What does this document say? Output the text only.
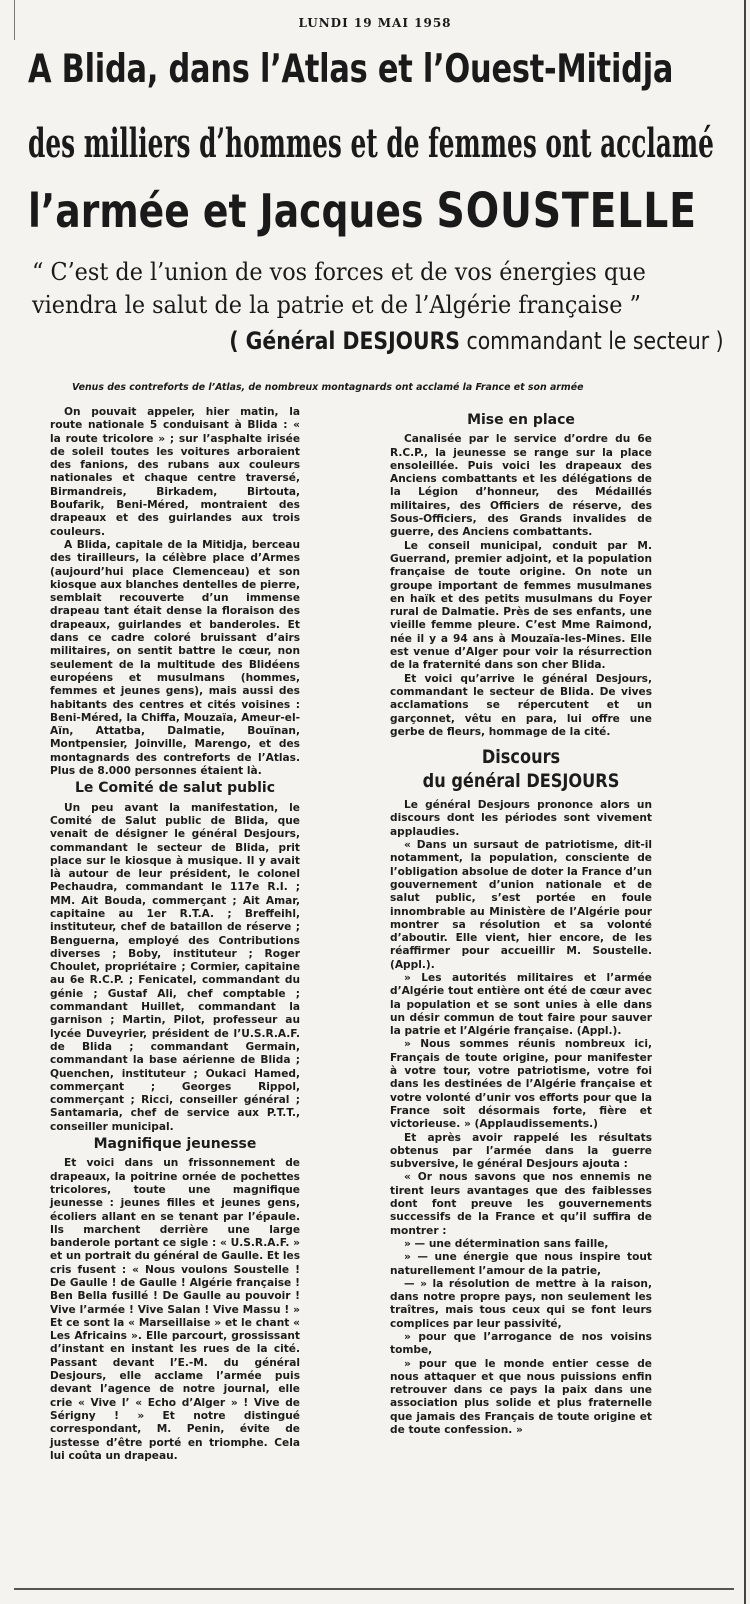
LUNDI 19 MAI 1958
A Blida, dans l’Atlas et l’Ouest-Mitidja
des milliers d’hommes et de femmes ont acclamé
l’armée et Jacques SOUSTELLE
“ C’est de l’union de vos forces et de vos énergies que
viendra le salut de la patrie et de l’Algérie française ”
( Général DESJOURS commandant le secteur )
Venus des contreforts de l’Atlas, de nombreux montagnards ont acclamé la France et son armée

On pouvait appeler, hier matin, la route nationale 5 conduisant à Blida : « la route tricolore » ; sur l’asphalte irisée de soleil toutes les voitures arboraient des fanions, des rubans aux couleurs nationales et chaque centre traversé, Birmandreis, Birkadem, Birtouta, Boufarik, Beni-Méred, montraient des drapeaux et des guirlandes aux trois couleurs.

A Blida, capitale de la Mitidja, berceau des tirailleurs, la célèbre place d’Armes (aujourd’hui place Clemenceau) et son kiosque aux blanches dentelles de pierre, semblait recouverte d’un immense drapeau tant était dense la floraison des drapeaux, guirlandes et banderoles. Et dans ce cadre coloré bruissant d’airs militaires, on sentit battre le cœur, non seulement de la multitude des Blidéens européens et musulmans (hommes, femmes et jeunes gens), mais aussi des habitants des centres et cités voisines : Beni-Méred, la Chiffa, Mouzaïa, Ameur-el-Aïn, Attatba, Dalmatie, Bouïnan, Montpensier, Joinville, Marengo, et des montagnards des contreforts de l’Atlas. Plus de 8.000 personnes étaient là.

Le Comité de salut public

Un peu avant la manifestation, le Comité de Salut public de Blida, que venait de désigner le général Desjours, commandant le secteur de Blida, prit place sur le kiosque à musique. Il y avait là autour de leur président, le colonel Pechaudra, commandant le 117e R.I. ; MM. Ait Bouda, commerçant ; Ait Amar, capitaine au 1er R.T.A. ; Breffeihl, instituteur, chef de bataillon de réserve ; Benguerna, employé des Contributions diverses ; Boby, instituteur ; Roger Choulet, propriétaire ; Cormier, capitaine au 6e R.C.P. ; Fenicatel, commandant du génie ; Gustaf Ali, chef comptable ; commandant Huillet, commandant la garnison ; Martin, Pilot, professeur au lycée Duveyrier, président de l’U.S.R.A.F. de Blida ; commandant Germain, commandant la base aérienne de Blida ; Quenchen, instituteur ; Oukaci Hamed, commerçant ; Georges Rippol, commerçant ; Ricci, conseiller général ; Santamaria, chef de service aux P.T.T., conseiller municipal.

Magnifique jeunesse

Et voici dans un frissonnement de drapeaux, la poitrine ornée de pochettes tricolores, toute une magnifique jeunesse : jeunes filles et jeunes gens, écoliers allant en se tenant par l’épaule. Ils marchent derrière une large banderole portant ce sigle : « U.S.R.A.F. » et un portrait du général de Gaulle. Et les cris fusent : « Nous voulons Soustelle ! De Gaulle ! de Gaulle ! Algérie française ! Ben Bella fusillé ! De Gaulle au pouvoir ! Vive l’armée ! Vive Salan ! Vive Massu ! » Et ce sont la « Marseillaise » et le chant « Les Africains ». Elle parcourt, grossissant d’instant en instant les rues de la cité. Passant devant l’E.-M. du général Desjours, elle acclame l’armée puis devant l’agence de notre journal, elle crie « Vive l’ « Echo d’Alger » ! Vive de Sérigny ! » Et notre distingué correspondant, M. Penin, évite de justesse d’être porté en triomphe. Cela lui coûta un drapeau.

Mise en place

Canalisée par le service d’ordre du 6e R.C.P., la jeunesse se range sur la place ensoleillée. Puis voici les drapeaux des Anciens combattants et les délégations de la Légion d’honneur, des Médaillés militaires, des Officiers de réserve, des Sous-Officiers, des Grands invalides de guerre, des Anciens combattants.

Le conseil municipal, conduit par M. Guerrand, premier adjoint, et la population française de toute origine. On note un groupe important de femmes musulmanes en haïk et des petits musulmans du Foyer rural de Dalmatie. Près de ses enfants, une vieille femme pleure. C’est Mme Raimond, née il y a 94 ans à Mouzaïa-les-Mines. Elle est venue d’Alger pour voir la résurrection de la fraternité dans son cher Blida.

Et voici qu’arrive le général Desjours, commandant le secteur de Blida. De vives acclamations se répercutent et un garçonnet, vêtu en para, lui offre une gerbe de fleurs, hommage de la cité.

Discours
du général DESJOURS

Le général Desjours prononce alors un discours dont les périodes sont vivement applaudies.

« Dans un sursaut de patriotisme, dit-il notamment, la population, consciente de l’obligation absolue de doter la France d’un gouvernement d’union nationale et de salut public, s’est portée en foule innombrable au Ministère de l’Algérie pour montrer sa résolution et sa volonté d’aboutir. Elle vient, hier encore, de les réaffirmer pour accueillir M. Soustelle. (Appl.).

» Les autorités militaires et l’armée d’Algérie tout entière ont été de cœur avec la population et se sont unies à elle dans un désir commun de tout faire pour sauver la patrie et l’Algérie française. (Appl.).

» Nous sommes réunis nombreux ici, Français de toute origine, pour manifester à votre tour, votre patriotisme, votre foi dans les destinées de l’Algérie française et votre volonté d’unir vos efforts pour que la France soit désormais forte, fière et victorieuse. » (Applaudissements.)

Et après avoir rappelé les résultats obtenus par l’armée dans la guerre subversive, le général Desjours ajouta :

« Or nous savons que nos ennemis ne tirent leurs avantages que des faiblesses dont font preuve les gouvernements successifs de la France et qu’il suffira de montrer :

» — une détermination sans faille,

» — une énergie que nous inspire tout naturellement l’amour de la patrie,

— » la résolution de mettre à la raison, dans notre propre pays, non seulement les traîtres, mais tous ceux qui se font leurs complices par leur passivité,

» pour que l’arrogance de nos voisins tombe,

» pour que le monde entier cesse de nous attaquer et que nous puissions enfin retrouver dans ce pays la paix dans une association plus solide et plus fraternelle que jamais des Français de toute origine et de toute confession. »
